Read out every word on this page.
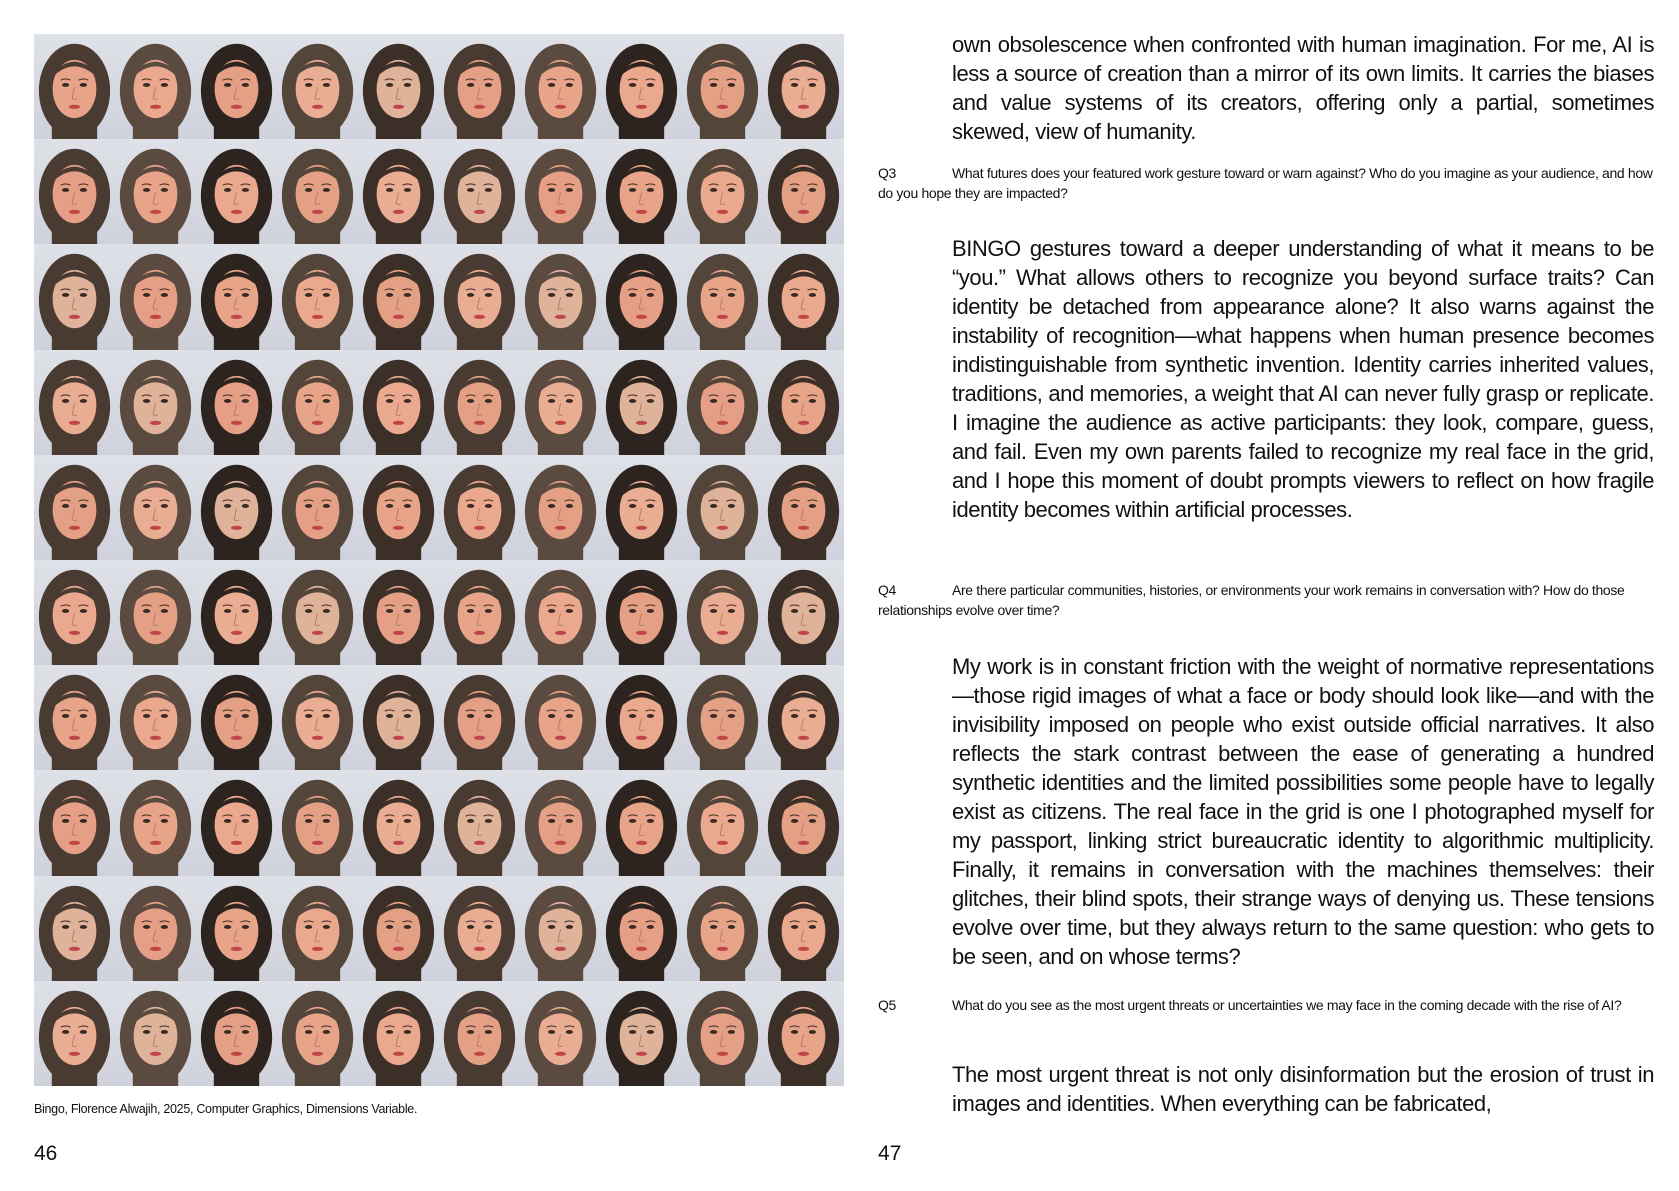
Bingo, Florence Alwajih, 2025, Computer Graphics, Dimensions Variable.
46

own obsolescence when confronted with human imagination. For me, AI is less a source of creation than a mirror of its own limits. It carries the biases and value systems of its creators, offering only a partial, sometimes skewed, view of humanity.

Q3	What futures does your featured work gesture toward or warn against? Who do you imagine as your audience, and how do you hope they are impacted?

BINGO gestures toward a deeper understanding of what it means to be “you.” What allows others to recognize you beyond surface traits? Can identity be detached from appearance alone? It also warns against the instability of recognition—what happens when human presence becomes indistinguishable from synthetic invention. Identity carries inherited values, traditions, and memories, a weight that AI can never fully grasp or replicate. I imagine the audience as active participants: they look, compare, guess, and fail. Even my own parents failed to recognize my real face in the grid, and I hope this moment of doubt prompts viewers to reflect on how fragile identity becomes within artificial processes.

Q4	Are there particular communities, histories, or environments your work remains in conversation with? How do those relationships evolve over time?

My work is in constant friction with the weight of normative representations—those rigid images of what a face or body should look like—and with the invisibility imposed on people who exist outside official narratives. It also reflects the stark contrast between the ease of generating a hundred synthetic identities and the limited possibilities some people have to legally exist as citizens. The real face in the grid is one I photographed myself for my passport, linking strict bureaucratic identity to algorithmic multiplicity. Finally, it remains in conversation with the machines themselves: their glitches, their blind spots, their strange ways of denying us. These tensions evolve over time, but they always return to the same question: who gets to be seen, and on whose terms?

Q5	What do you see as the most urgent threats or uncertainties we may face in the coming decade with the rise of AI?

The most urgent threat is not only disinformation but the erosion of trust in images and identities. When everything can be fabricated,

47
